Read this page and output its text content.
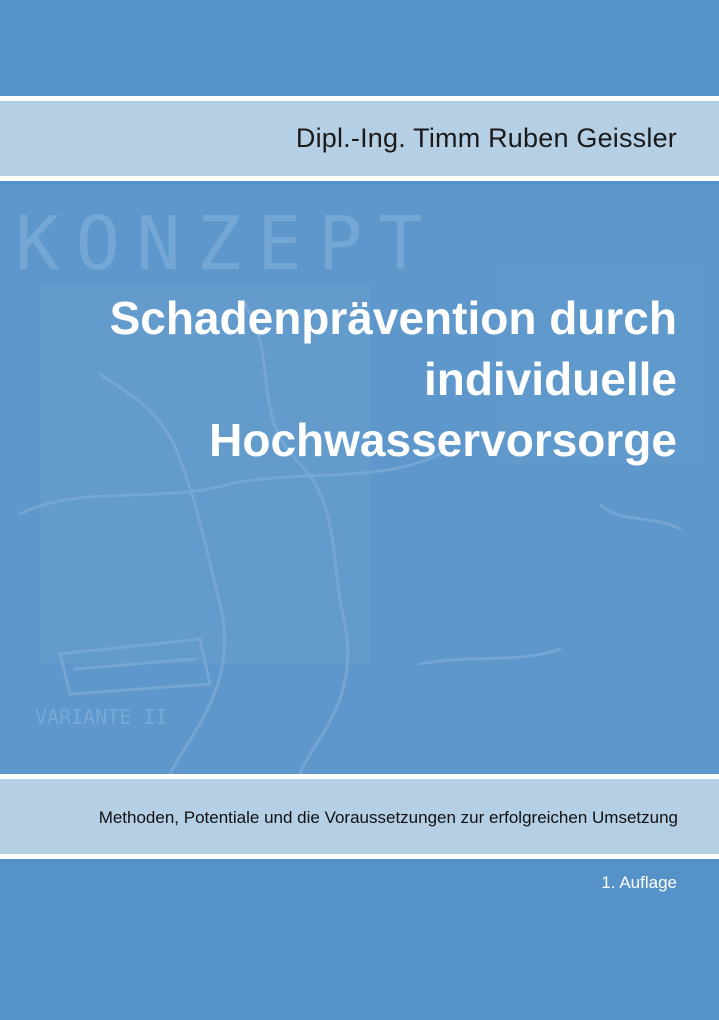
Dipl.-Ing. Timm Ruben Geissler
KONZEPT
VARIANTE II
Schadenprävention durch
individuelle
Hochwasservorsorge
Methoden, Potentiale und die Voraussetzungen zur erfolgreichen Umsetzung
1. Auflage
